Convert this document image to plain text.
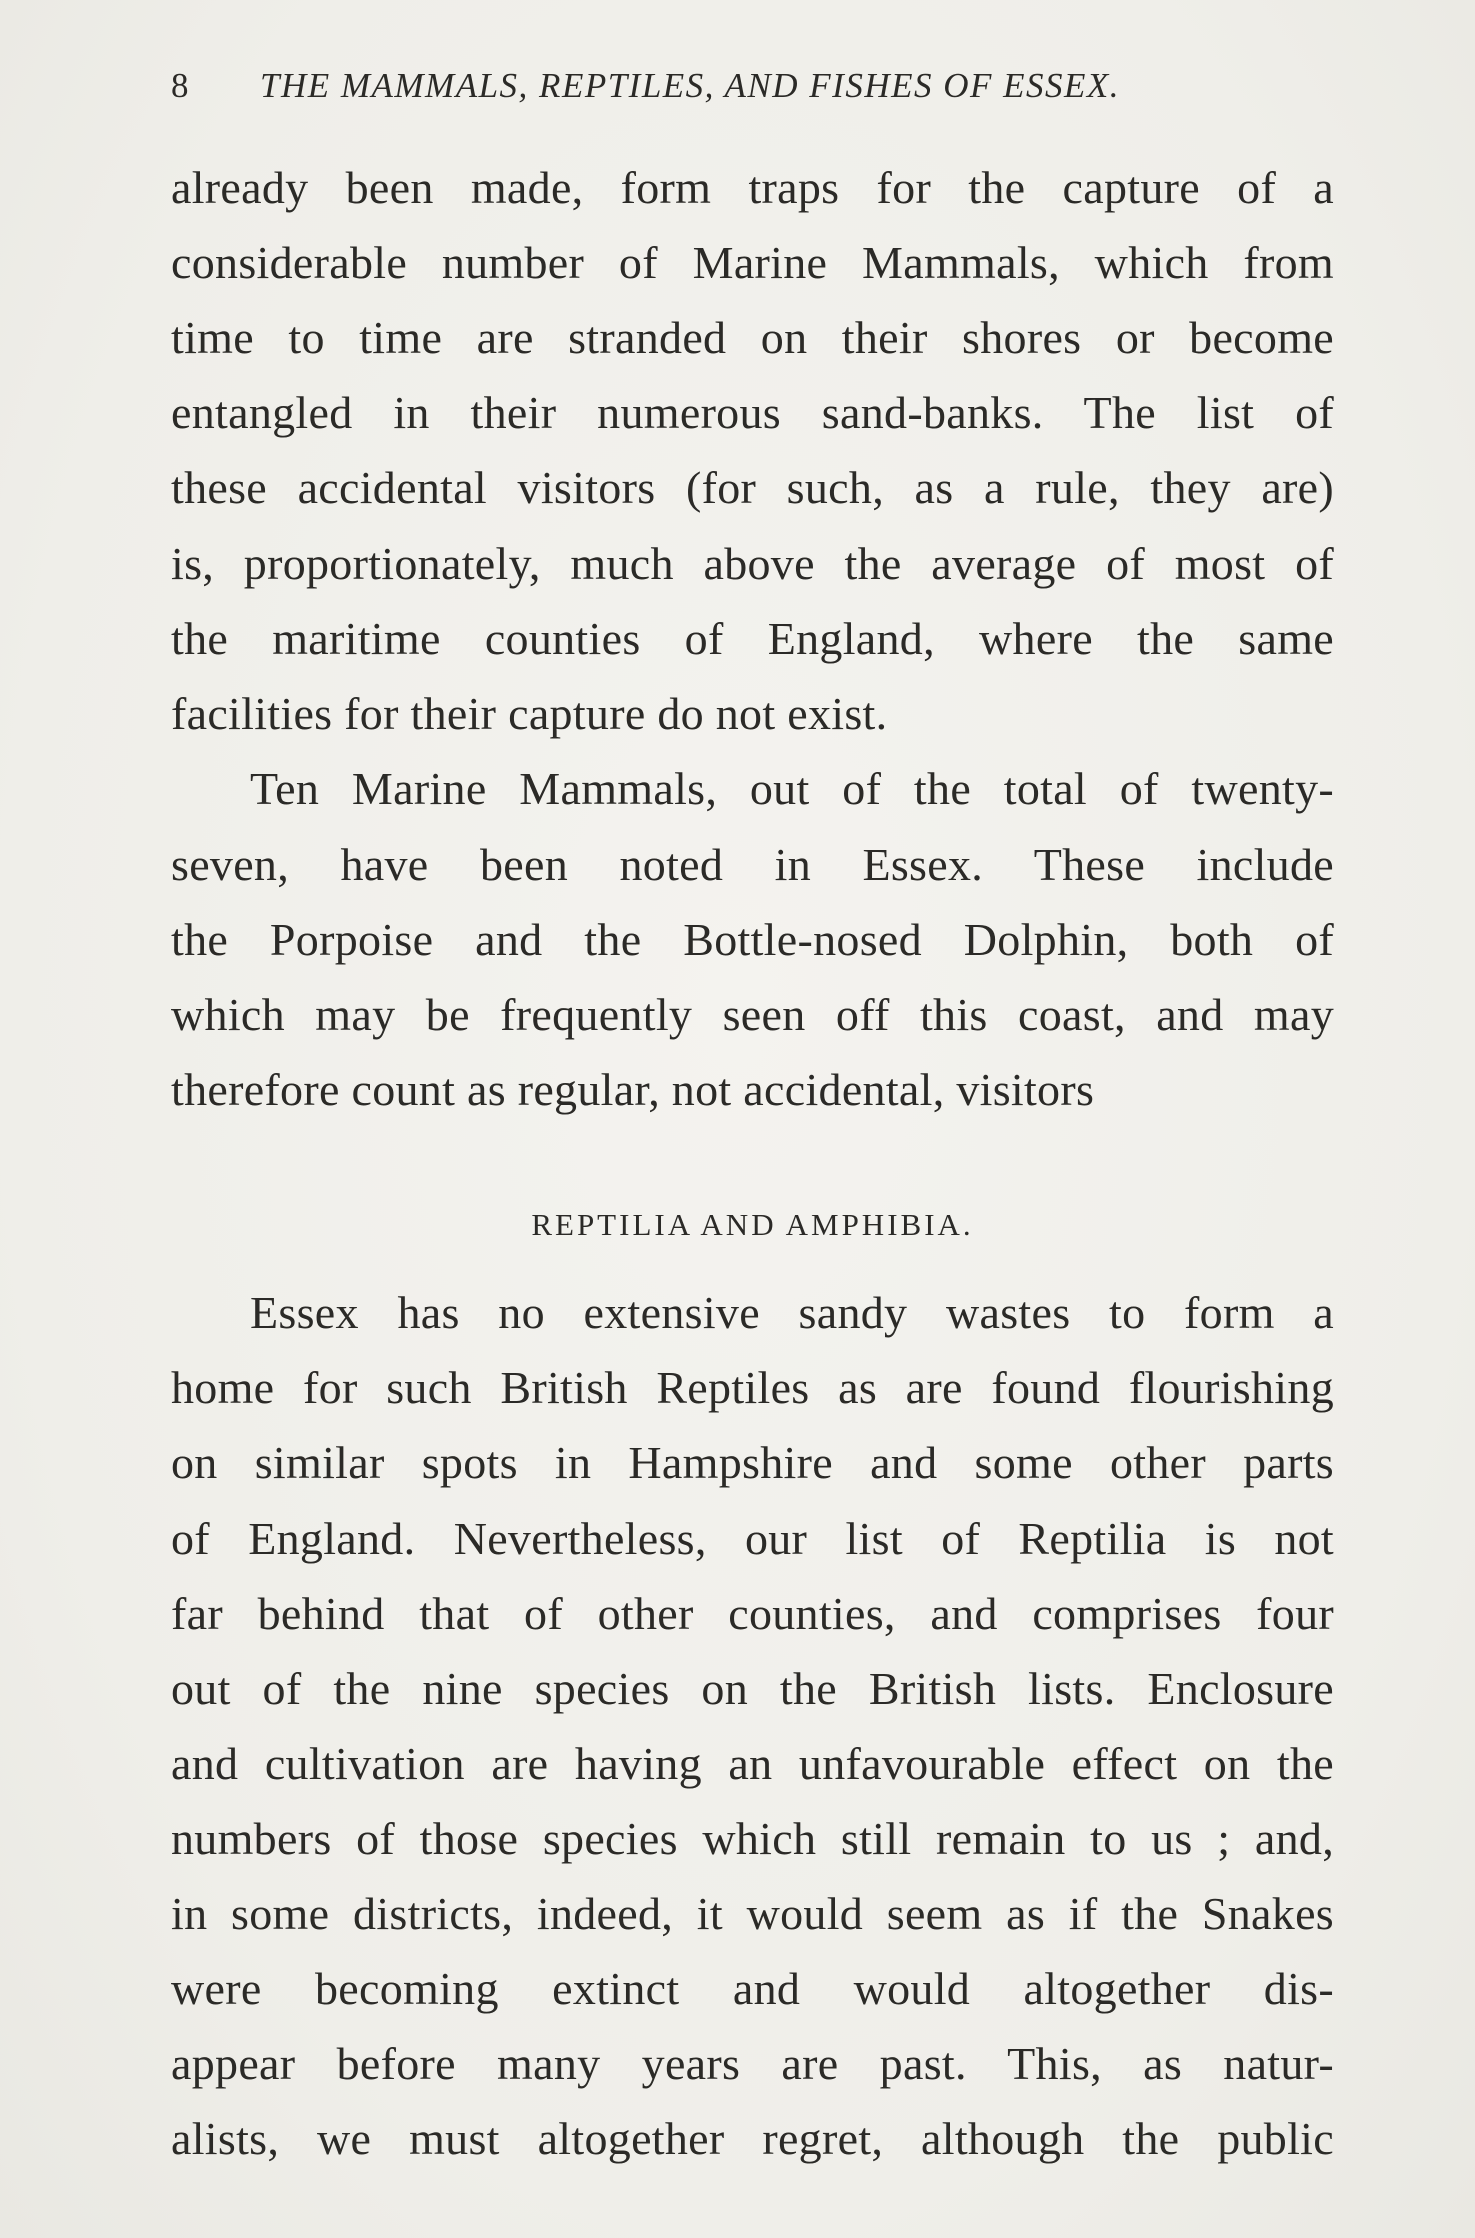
8 THE MAMMALS, REPTILES, AND FISHES OF ESSEX.
already been made, form traps for the capture of a
considerable number of Marine Mammals, which from
time to time are stranded on their shores or become
entangled in their numerous sand-banks. The list of
these accidental visitors (for such, as a rule, they are)
is, proportionately, much above the average of most of
the maritime counties of England, where the same
facilities for their capture do not exist.
Ten Marine Mammals, out of the total of twenty-
seven, have been noted in Essex. These include
the Porpoise and the Bottle-nosed Dolphin, both of
which may be frequently seen off this coast, and may
therefore count as regular, not accidental, visitors
REPTILIA AND AMPHIBIA.
Essex has no extensive sandy wastes to form a
home for such British Reptiles as are found flourishing
on similar spots in Hampshire and some other parts
of England. Nevertheless, our list of Reptilia is not
far behind that of other counties, and comprises four
out of the nine species on the British lists. Enclosure
and cultivation are having an unfavourable effect on the
numbers of those species which still remain to us ; and,
in some districts, indeed, it would seem as if the Snakes
were becoming extinct and would altogether dis-
appear before many years are past. This, as natur-
alists, we must altogether regret, although the public
